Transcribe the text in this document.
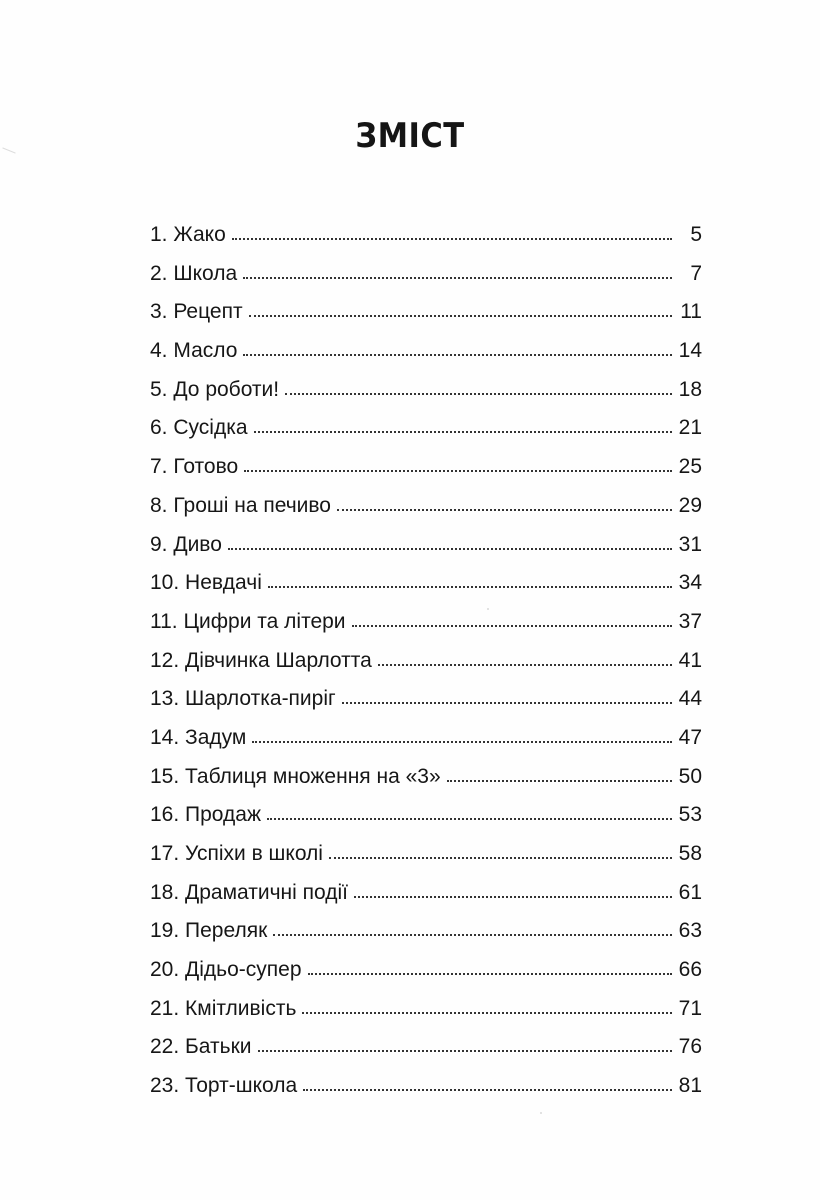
ЗМІСТ
1. Жако	5
2. Школа	7
3. Рецепт	11
4. Масло	14
5. До роботи!	18
6. Сусідка	21
7. Готово	25
8. Гроші на печиво	29
9. Диво	31
10. Невдачі	34
11. Цифри та літери	37
12. Дівчинка Шарлотта	41
13. Шарлотка-пиріг	44
14. Задум	47
15. Таблиця множення на «3»	50
16. Продаж	53
17. Успіхи в школі	58
18. Драматичні події	61
19. Переляк	63
20. Дідьо-супер	66
21. Кмітливість	71
22. Батьки	76
23. Торт-школа	81
